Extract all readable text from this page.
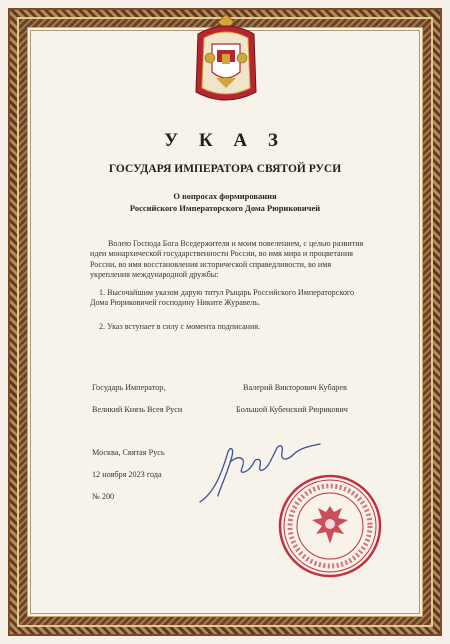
У К А З
ГОСУДАРЯ ИМПЕРАТОРА СВЯТОЙ РУСИ
О вопросах формирования
Российского Императорского Дома Рюриковичей
Волею Господа Бога Вседержителя и моим повелением, с целью развития
идеи монархической государственности России, во имя мира и процветания
России, во имя восстановления исторической справедливости, во имя
укрепления международной дружбы:
1. Высочайшим указом дарую титул Рыцарь Российского Императорского
Дома Рюриковичей господину Никите Журавель.
2. Указ вступает в силу с момента подписания.
Государь Император,
Великий Князь Всея Руси
Валерий Викторович Кубарев
Большой Кубенский Рюрикович
Москва, Святая Русь
12 ноября 2023 года
№ 200
